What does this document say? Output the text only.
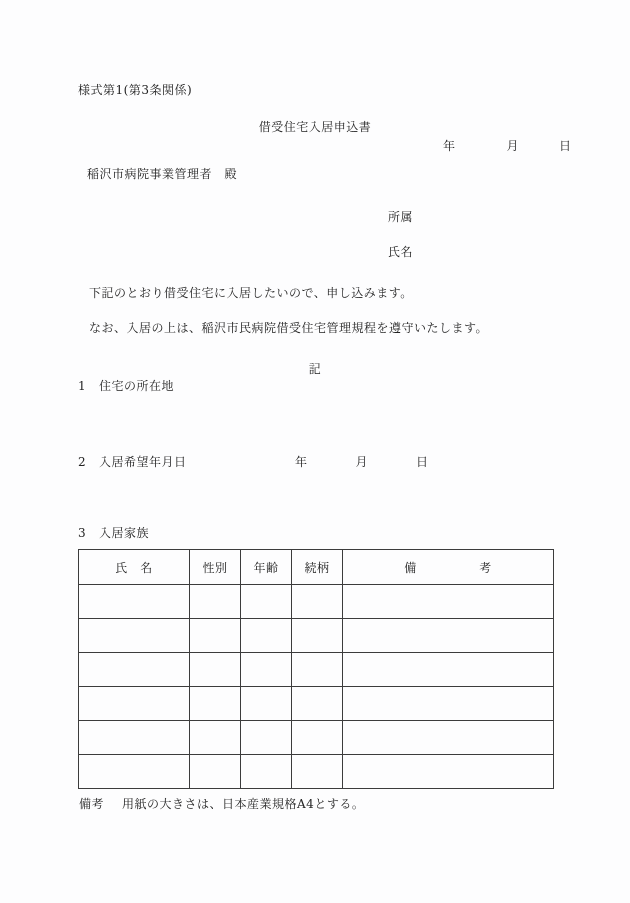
様式第1(第3条関係)
借受住宅入居申込書
年	月	日
稲沢市病院事業管理者　殿
所属
氏名
下記のとおり借受住宅に入居したいので、申し込みます。
なお、入居の上は、稲沢市民病院借受住宅管理規程を遵守いたします。
記
1 住宅の所在地
2 入居希望年月日	年	月	日
3 入居家族
氏　名	性別	年齢	続柄	備　　　　　考

備考 用紙の大きさは、日本産業規格A4とする。
